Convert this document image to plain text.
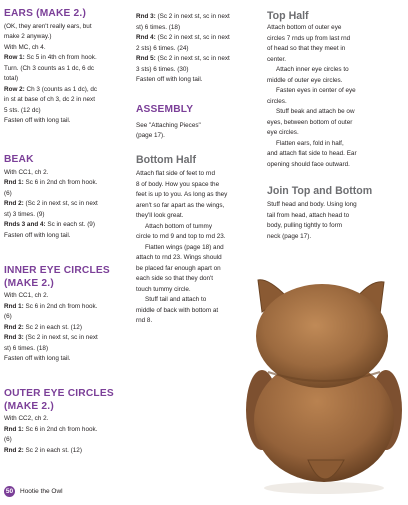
EARS (MAKE 2.)

(OK, they aren't really ears, but

make 2 anyway.)

With MC, ch 4.

Row 1: Sc 5 in 4th ch from hook.

Turn. (Ch 3 counts as 1 dc, 6 dc

total)

Row 2: Ch 3 (counts as 1 dc), dc

in st at base of ch 3, dc 2 in next

5 sts. (12 dc)

Fasten off with long tail.

BEAK

With CC1, ch 2.

Rnd 1: Sc 6 in 2nd ch from hook.

(6)

Rnd 2: (Sc 2 in next st, sc in next

st) 3 times. (9)

Rnds 3 and 4: Sc in each st. (9)

Fasten off with long tail.

INNER EYE CIRCLES
(MAKE 2.)

With CC1, ch 2.

Rnd 1: Sc 6 in 2nd ch from hook.

(6)

Rnd 2: Sc 2 in each st. (12)

Rnd 3: (Sc 2 in next st, sc in next

st) 6 times. (18)

Fasten off with long tail.

OUTER EYE CIRCLES
(MAKE 2.)

With CC2, ch 2.

Rnd 1: Sc 6 in 2nd ch from hook.

(6)

Rnd 2: Sc 2 in each st. (12)

Rnd 3: (Sc 2 in next st, sc in next

st) 6 times. (18)

Rnd 4: (Sc 2 in next st, sc in next

2 sts) 6 times. (24)

Rnd 5: (Sc 2 in next st, sc in next

3 sts) 6 times. (30)

Fasten off with long tail.

ASSEMBLY

See "Attaching Pieces"

(page 17).

Bottom Half

Attach flat side of feet to rnd

8 of body. How you space the

feet is up to you. As long as they

aren't so far apart as the wings,

they'll look great.

Attach bottom of tummy

circle to rnd 9 and top to rnd 23.

Flatten wings (page 18) and

attach to rnd 23. Wings should

be placed far enough apart on

each side so that they don't

touch tummy circle.

Stuff tail and attach to

middle of back with bottom at

rnd 8.

Top Half

Attach bottom of outer eye

circles 7 rnds up from last rnd

of head so that they meet in

center.

Attach inner eye circles to

middle of outer eye circles.

Fasten eyes in center of eye

circles.

Stuff beak and attach be ow

eyes, between bottom of outer

eye circles.

Flatten ears, fold in half,

and attach flat side to head. Ear

opening should face outward.

Join Top and Bottom

Stuff head and body. Using long

tail from head, attach head to

body, pulling tightly to form

neck (page 17).

50 Hootie the Owl
